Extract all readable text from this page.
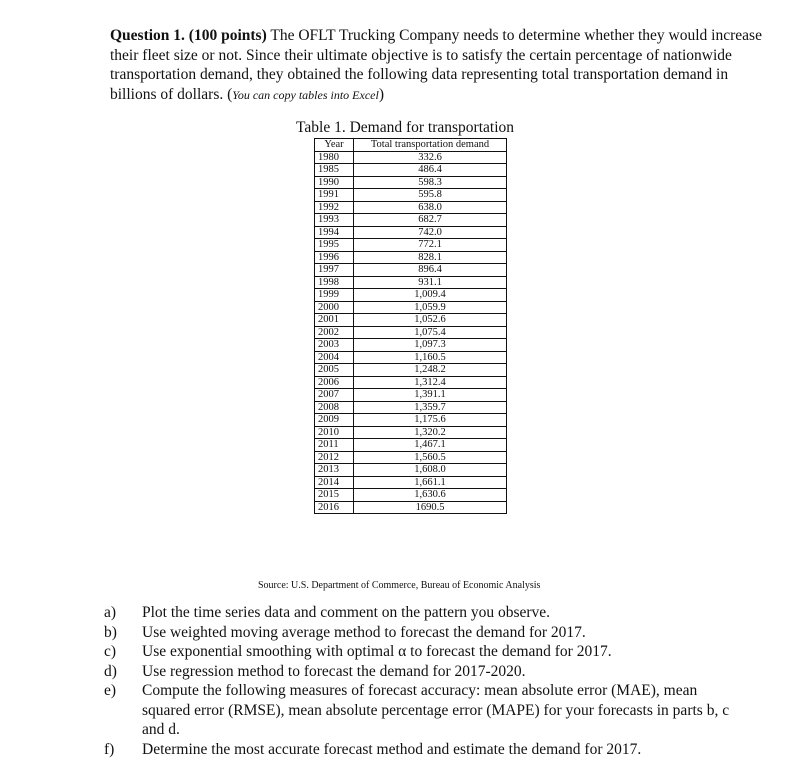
Question 1. (100 points) The OFLT Trucking Company needs to determine whether they would increase their fleet size or not. Since their ultimate objective is to satisfy the certain percentage of nationwide transportation demand, they obtained the following data representing total transportation demand in billions of dollars. (You can copy tables into Excel)
Table 1. Demand for transportation
Year	Total transportation demand
1980	332.6
1985	486.4
1990	598.3
1991	595.8
1992	638.0
1993	682.7
1994	742.0
1995	772.1
1996	828.1
1997	896.4
1998	931.1
1999	1,009.4
2000	1,059.9
2001	1,052.6
2002	1,075.4
2003	1,097.3
2004	1,160.5
2005	1,248.2
2006	1,312.4
2007	1,391.1
2008	1,359.7
2009	1,175.6
2010	1,320.2
2011	1,467.1
2012	1,560.5
2013	1,608.0
2014	1,661.1
2015	1,630.6
2016	1690.5
Source: U.S. Department of Commerce, Bureau of Economic Analysis
a)	Plot the time series data and comment on the pattern you observe.
b)	Use weighted moving average method to forecast the demand for 2017.
c)	Use exponential smoothing with optimal α to forecast the demand for 2017.
d)	Use regression method to forecast the demand for 2017-2020.
e)	Compute the following measures of forecast accuracy: mean absolute error (MAE), mean squared error (RMSE), mean absolute percentage error (MAPE) for your forecasts in parts b, c and d.
f)	Determine the most accurate forecast method and estimate the demand for 2017.
